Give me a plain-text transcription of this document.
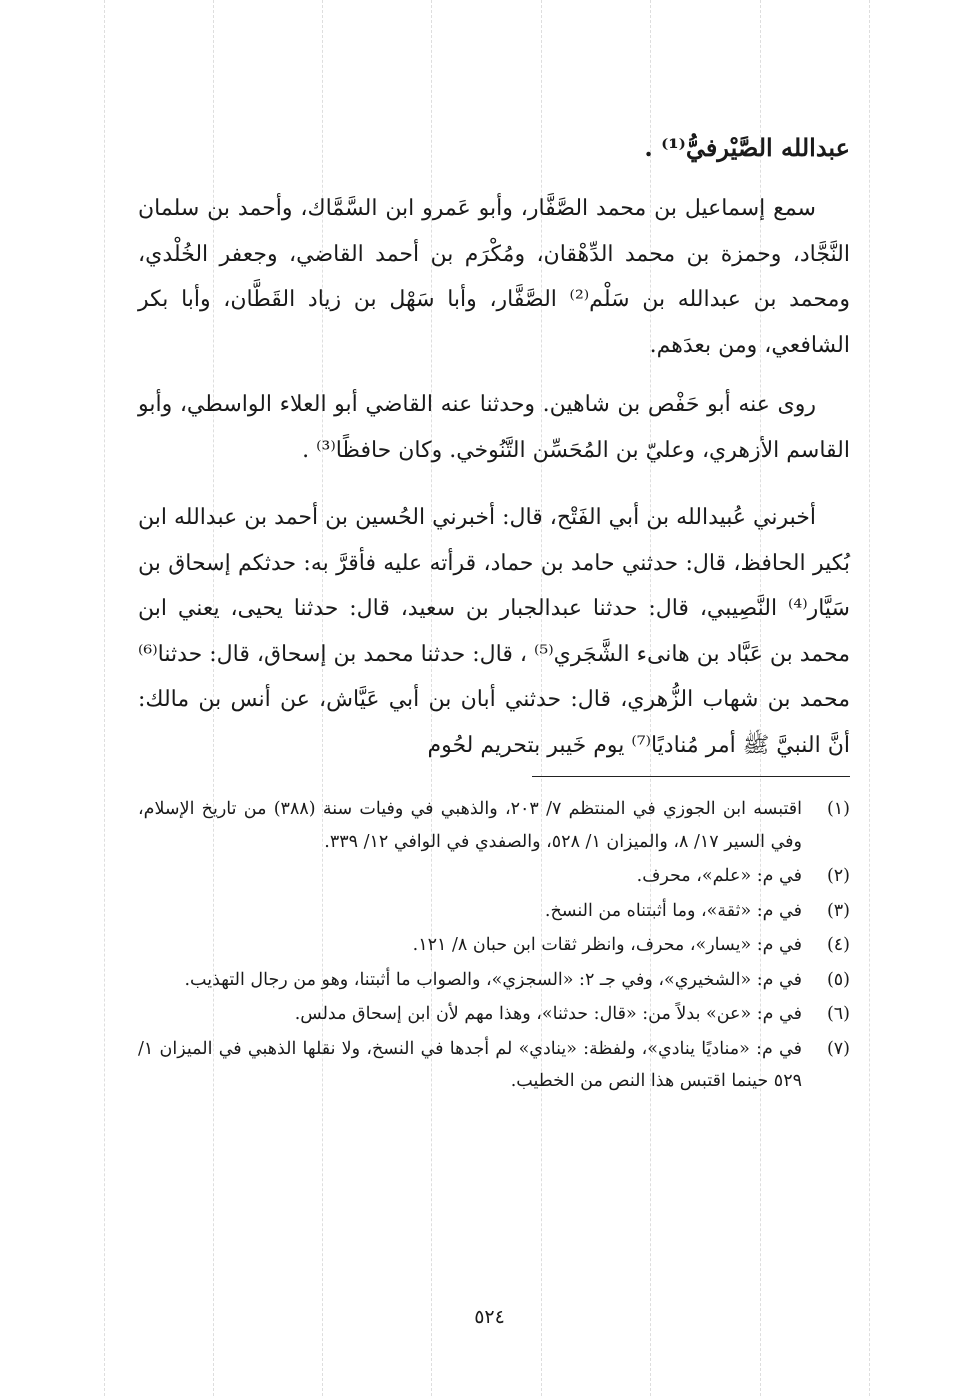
عبدالله الصَّيْرفيُّ⁽¹⁾ .

سمع إسماعيل بن محمد الصَّفَّار، وأبو عَمرو ابن السَّمَّاك، وأحمد بن سلمان النَّجَّاد، وحمزة بن محمد الدِّهْقان، ومُكْرَم بن أحمد القاضي، وجعفر الخُلْدي، ومحمد بن عبدالله بن سَلْم⁽²⁾ الصَّفَّار، وأبا سَهْل بن زياد القَطَّان، وأبا بكر الشافعي، ومن بعدَهم.

روى عنه أبو حَفْص بن شاهين. وحدثنا عنه القاضي أبو العلاء الواسطي، وأبو القاسم الأزهري، وعليّ بن المُحَسِّن التَّنُوخي. وكان حافظًا⁽³⁾ .

أخبرني عُبيدالله بن أبي الفَتْح، قال: أخبرني الحُسين بن أحمد بن عبدالله ابن بُكير الحافظ، قال: حدثني حامد بن حماد، قرأته عليه فأقرَّ به: حدثكم إسحاق بن سَيَّار⁽⁴⁾ النَّصِيبي، قال: حدثنا عبدالجبار بن سعيد، قال: حدثنا يحيى، يعني ابن محمد بن عَبَّاد بن هانىء الشَّجَري⁽⁵⁾ ، قال: حدثنا محمد بن إسحاق، قال: حدثنا⁽⁶⁾ محمد بن شهاب الزُّهري، قال: حدثني أبان بن أبي عَيَّاش، عن أنس بن مالك: أنَّ النبيَّ ﷺ أمر مُناديًا⁽⁷⁾ يوم خَيبر بتحريم لحُوم

(١)
اقتبسه ابن الجوزي في المنتظم ٧/ ٢٠٣، والذهبي في وفيات سنة (٣٨٨) من تاريخ الإسلام، وفي السير ١٧/ ٨، والميزان ١/ ٥٢٨، والصفدي في الوافي ١٢/ ٣٣٩.
(٢)
في م: «علم»، محرف.
(٣)
في م: «ثقة»، وما أثبتناه من النسخ.
(٤)
في م: «يسار»، محرف، وانظر ثقات ابن حبان ٨/ ١٢١.
(٥)
في م: «الشخيري»، وفي جـ ٢: «السجزي»، والصواب ما أثبتنا، وهو من رجال التهذيب.
(٦)
في م: «عن» بدلاً من: «قال: حدثنا»، وهذا مهم لأن ابن إسحاق مدلس.
(٧)
في م: «مناديًا ينادي»، ولفظة: «ينادي» لم أجدها في النسخ، ولا نقلها الذهبي في الميزان ١/ ٥٢٩ حينما اقتبس هذا النص من الخطيب.
٥٢٤
